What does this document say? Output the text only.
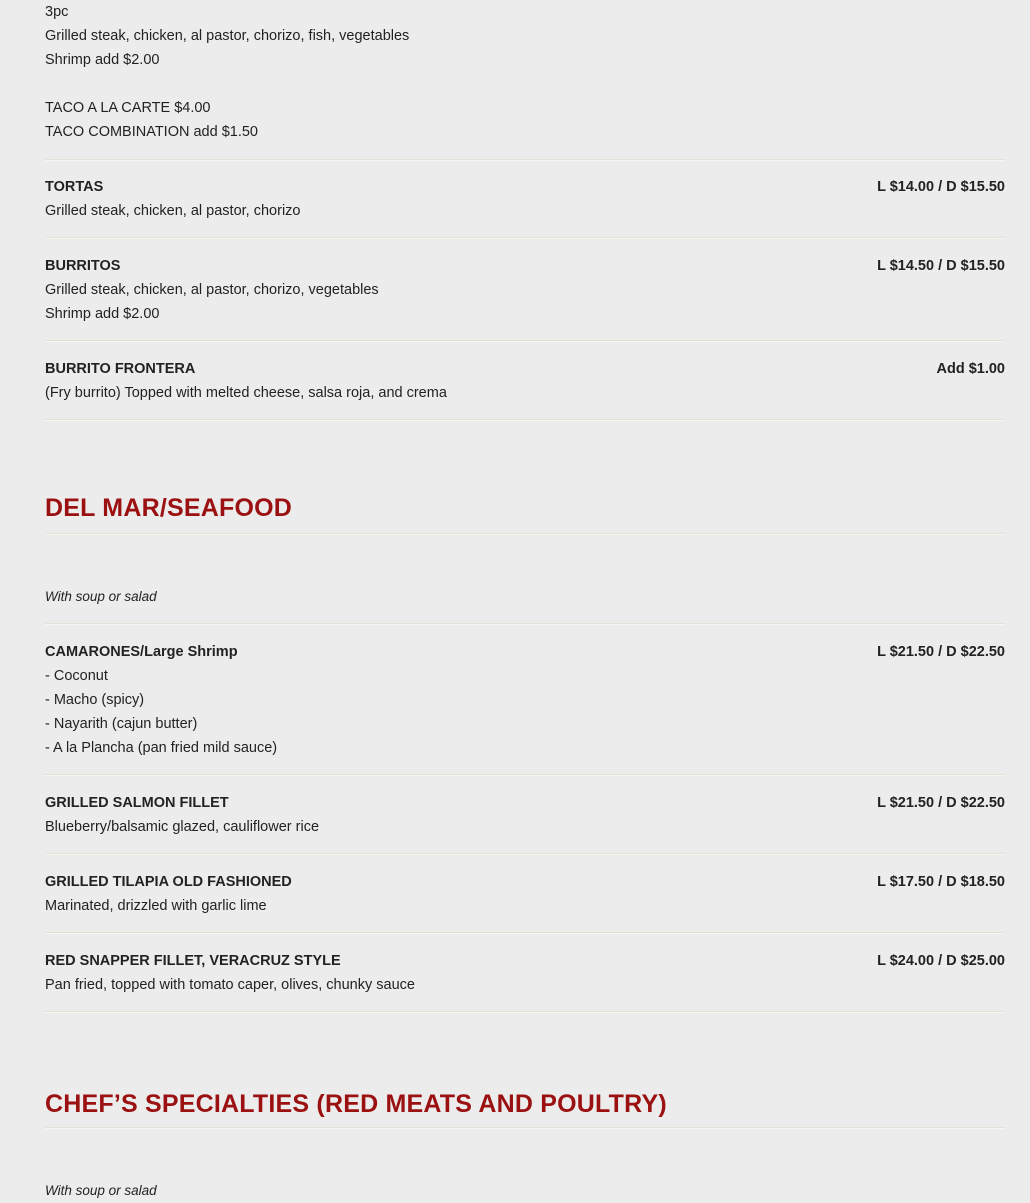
3pc
Grilled steak, chicken, al pastor, chorizo, fish, vegetables
Shrimp add $2.00
TACO A LA CARTE $4.00
TACO COMBINATION add $1.50
TORTAS	L $14.00 / D $15.50
Grilled steak, chicken, al pastor, chorizo
BURRITOS	L $14.50 / D $15.50
Grilled steak, chicken, al pastor, chorizo, vegetables
Shrimp add $2.00
BURRITO FRONTERA	Add $1.00
(Fry burrito) Topped with melted cheese, salsa roja, and crema
DEL MAR/SEAFOOD
With soup or salad
CAMARONES/Large Shrimp	L $21.50 / D $22.50
- Coconut
- Macho (spicy)
- Nayarith (cajun butter)
- A la Plancha (pan fried mild sauce)
GRILLED SALMON FILLET	L $21.50 / D $22.50
Blueberry/balsamic glazed, cauliflower rice
GRILLED TILAPIA OLD FASHIONED	L $17.50 / D $18.50
Marinated, drizzled with garlic lime
RED SNAPPER FILLET, VERACRUZ STYLE	L $24.00 / D $25.00
Pan fried, topped with tomato caper, olives, chunky sauce
CHEF’S SPECIALTIES (RED MEATS AND POULTRY)
With soup or salad
